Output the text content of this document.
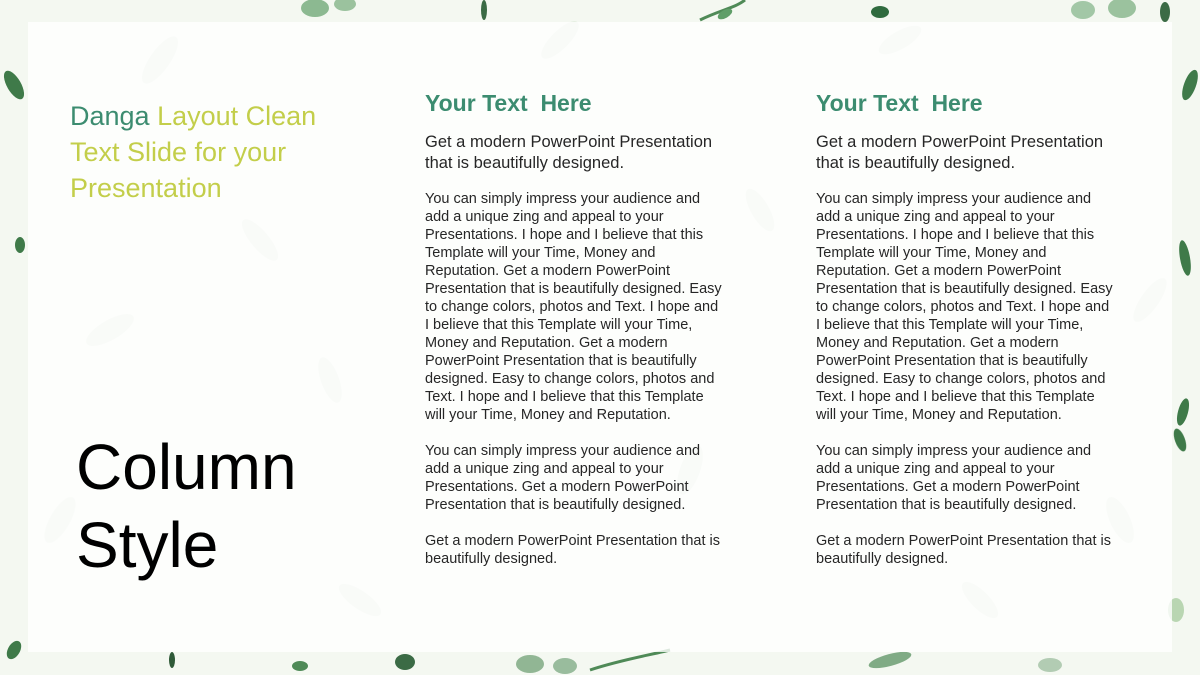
Danga Layout Clean Text Slide for your Presentation
Column
Style
Your Text  Here
Get a modern PowerPoint Presentation
that is beautifully designed.
You can simply impress your audience and
add a unique zing and appeal to your
Presentations. I hope and I believe that this
Template will your Time, Money and
Reputation. Get a modern PowerPoint
Presentation that is beautifully designed. Easy
to change colors, photos and Text. I hope and
I believe that this Template will your Time,
Money and Reputation. Get a modern
PowerPoint Presentation that is beautifully
designed. Easy to change colors, photos and
Text. I hope and I believe that this Template
will your Time, Money and Reputation.
You can simply impress your audience and
add a unique zing and appeal to your
Presentations. Get a modern PowerPoint
Presentation that is beautifully designed.
Get a modern PowerPoint Presentation that is
beautifully designed.
Your Text  Here
Get a modern PowerPoint Presentation
that is beautifully designed.
You can simply impress your audience and
add a unique zing and appeal to your
Presentations. I hope and I believe that this
Template will your Time, Money and
Reputation. Get a modern PowerPoint
Presentation that is beautifully designed. Easy
to change colors, photos and Text. I hope and
I believe that this Template will your Time,
Money and Reputation. Get a modern
PowerPoint Presentation that is beautifully
designed. Easy to change colors, photos and
Text. I hope and I believe that this Template
will your Time, Money and Reputation.
You can simply impress your audience and
add a unique zing and appeal to your
Presentations. Get a modern PowerPoint
Presentation that is beautifully designed.
Get a modern PowerPoint Presentation that is
beautifully designed.
